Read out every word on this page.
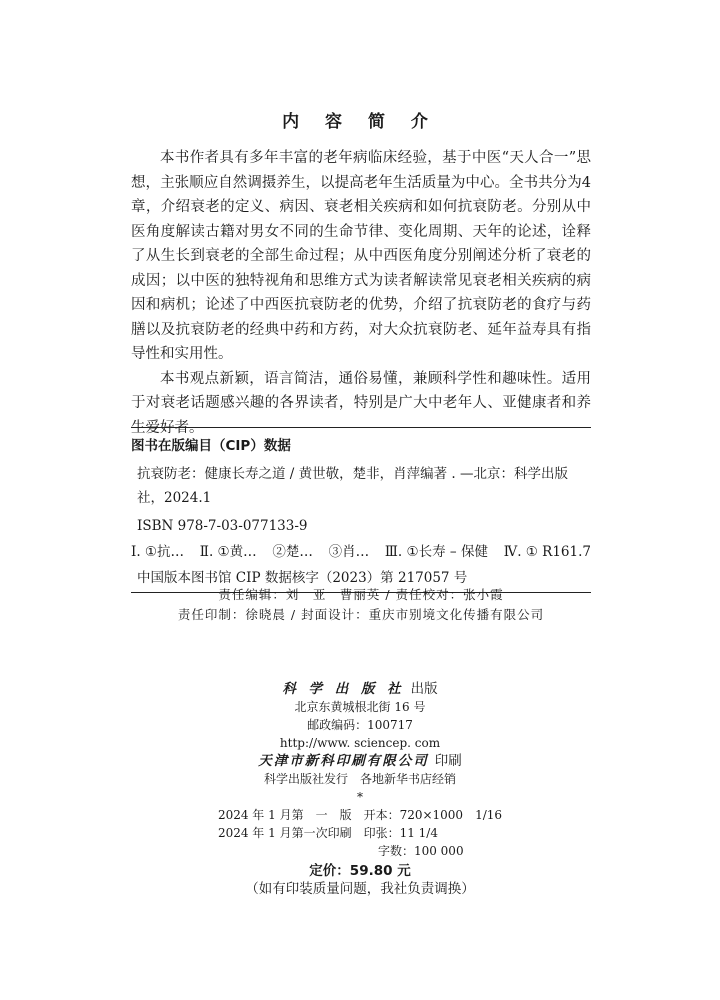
内 容 简 介

本书作者具有多年丰富的老年病临床经验，基于中医“天人合一”思想，主张顺应自然调摄养生，以提高老年生活质量为中心。全书共分为4章，介绍衰老的定义、病因、衰老相关疾病和如何抗衰防老。分别从中医角度解读古籍对男女不同的生命节律、变化周期、天年的论述，诠释了从生长到衰老的全部生命过程；从中西医角度分别阐述分析了衰老的成因；以中医的独特视角和思维方式为读者解读常见衰老相关疾病的病因和病机；论述了中西医抗衰防老的优势，介绍了抗衰防老的食疗与药膳以及抗衰防老的经典中药和方药，对大众抗衰防老、延年益寿具有指导性和实用性。

本书观点新颖，语言简洁，通俗易懂，兼顾科学性和趣味性。适用于对衰老话题感兴趣的各界读者，特别是广大中老年人、亚健康者和养生爱好者。

图书在版编目（CIP）数据

抗衰防老：健康长寿之道 / 黄世敬，楚非，肖萍编著 . —北京：科学出版社，2024.1

ISBN 978-7-03-077133-9

Ⅰ. ①抗… Ⅱ. ①黄… ②楚… ③肖… Ⅲ. ①长寿 – 保健 Ⅳ. ① R161.7

中国版本图书馆 CIP 数据核字（2023）第 217057 号

责任编辑：刘　亚　曹丽英 / 责任校对：张小霞
责任印制：徐晓晨 / 封面设计：重庆市别境文化传播有限公司
科 学 出 版 社 出版
北京东黄城根北街 16 号
邮政编码：100717
http://www. sciencep. com
天津市新科印刷有限公司 印刷
科学出版社发行　各地新华书店经销
*
2024 年 1 月第　一　版　开本：720×1000　1/16
2024 年 1 月第一次印刷　印张：11 1/4
字数：100 000
定价：59.80 元
（如有印装质量问题，我社负责调换）
